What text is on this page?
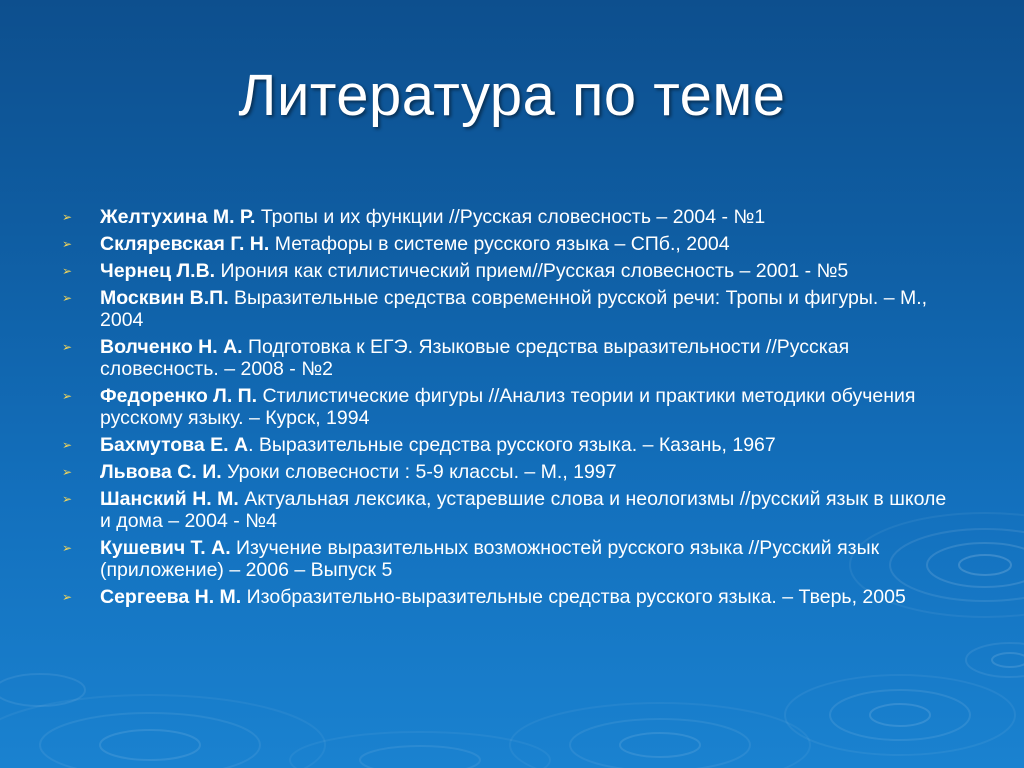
Литература по теме
➢ Желтухина М. Р. Тропы и их функции //Русская словесность – 2004 - №1
➢ Скляревская Г. Н. Метафоры в системе русского языка – СПб., 2004
➢ Чернец Л.В. Ирония как стилистический прием//Русская словесность – 2001 - №5
➢ Москвин В.П. Выразительные средства современной русской речи: Тропы и фигуры. – М., 2004
➢ Волченко Н. А. Подготовка к ЕГЭ. Языковые средства выразительности //Русская словесность. – 2008 - №2
➢ Федоренко Л. П. Стилистические фигуры //Анализ теории и практики методики обучения русскому языку. – Курск, 1994
➢ Бахмутова Е. А. Выразительные средства русского языка. – Казань, 1967
➢ Львова С. И. Уроки словесности : 5-9 классы. – М., 1997
➢ Шанский Н. М. Актуальная лексика, устаревшие слова и неологизмы //русский язык в школе и дома – 2004 - №4
➢ Кушевич Т. А. Изучение выразительных возможностей русского языка //Русский язык (приложение) – 2006 – Выпуск 5
➢ Сергеева Н. М. Изобразительно-выразительные средства русского языка. – Тверь, 2005
